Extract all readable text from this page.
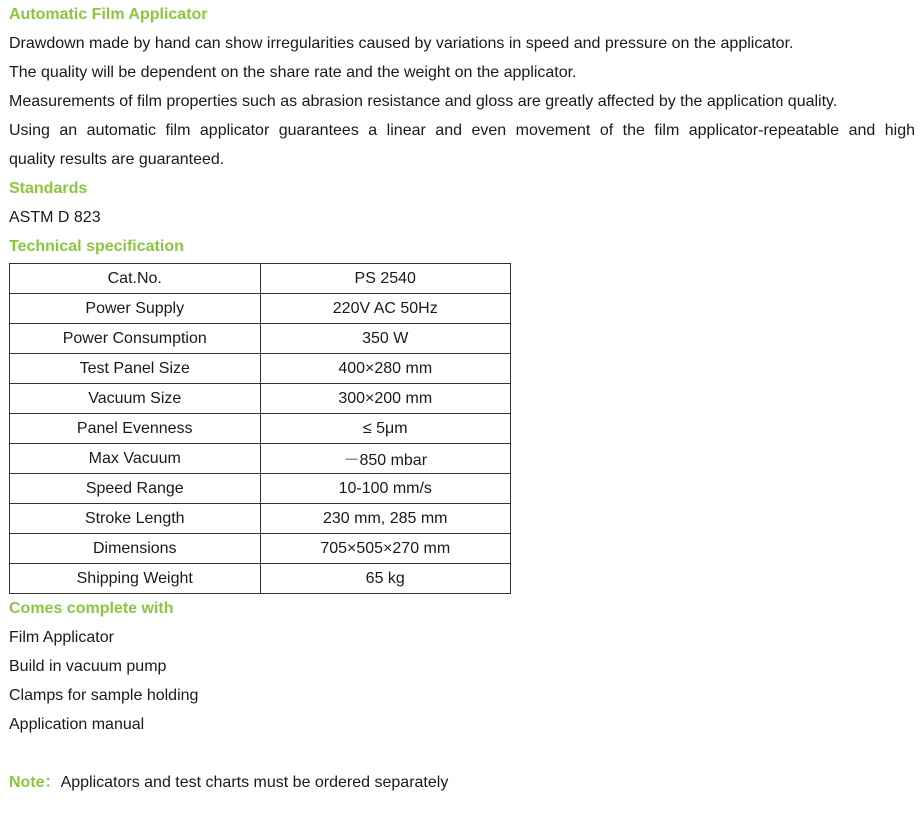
Automatic Film Applicator
Drawdown made by hand can show irregularities caused by variations in speed and pressure on the applicator.
The quality will be dependent on the share rate and the weight on the applicator.
Measurements of film properties such as abrasion resistance and gloss are greatly affected by the application quality.
Using an automatic film applicator guarantees a linear and even movement of the film applicator-repeatable and high
quality results are guaranteed.
Standards
ASTM D 823
Technical specification
Cat.No.	PS 2540
Power Supply	220V AC 50Hz
Power Consumption	350 W
Test Panel Size	400×280 mm
Vacuum Size	300×200 mm
Panel Evenness	≤ 5μm
Max Vacuum	－850 mbar
Speed Range	10-100 mm/s
Stroke Length	230 mm, 285 mm
Dimensions	705×505×270 mm
Shipping Weight	65 kg
Comes complete with
Film Applicator
Build in vacuum pump
Clamps for sample holding
Application manual
Note：Applicators and test charts must be ordered separately
